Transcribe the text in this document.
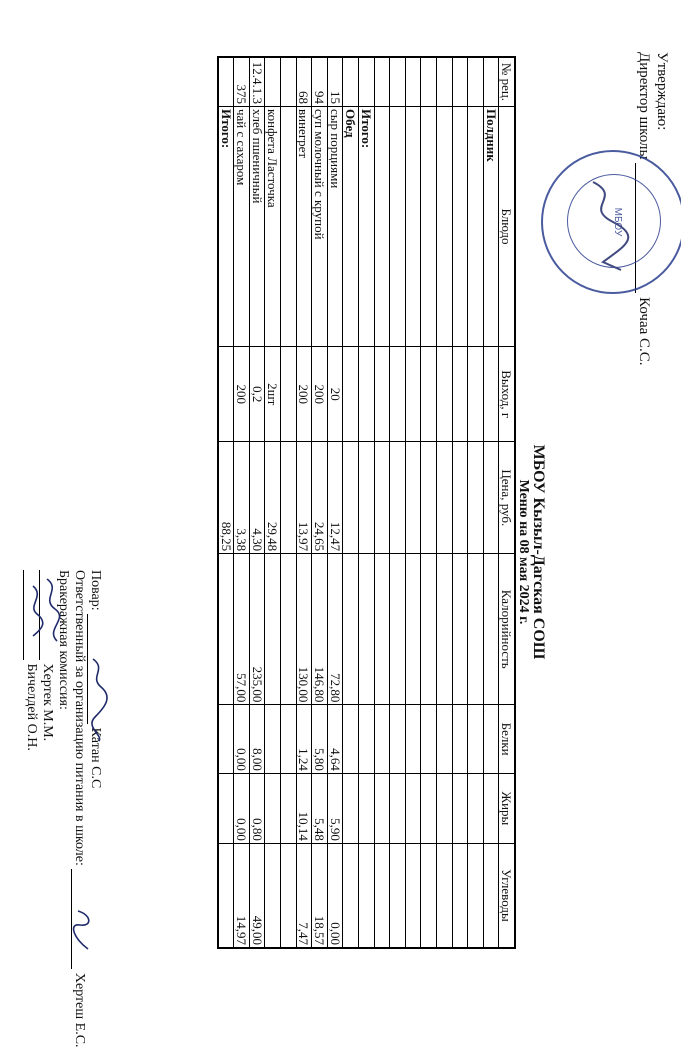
Утверждаю:
Директор школы  Кочаа С.С.
МБОУ
МБОУ Кызыл-Дагская СОШ
Меню на 08 мая 2024 г.
№ рец.	Блюдо	Выход, г	Цена, руб.	Калорийность	Белки	Жиры	Углеводы
	Полдник						

	Итого:						
	Обед						
15	сыр порциями	20	12,47	72,80	4,64	5,90	0,00
94	суп молочный с крупой	200	24,65	146,80	5,80	5,48	18,57
68	винегрет	200	13,97	130,00	1,24	10,14	7,47

	конфета Ласточка	2шт	29,48				
12.4.1.3	хлеб пшеничный	0,2	4,30	235,00	8,00	0,80	49,00
375	чай с сахаром	200	3,38	57,00	0,00	0,00	14,97
	Итого:		88,25				
Повар:  Катан С.С
Ответственный за организацию питания в школе:  Хертеш Е.С.
Бракеражная комиссия:
Хертек М.М.
Бичелдей О.Н.
